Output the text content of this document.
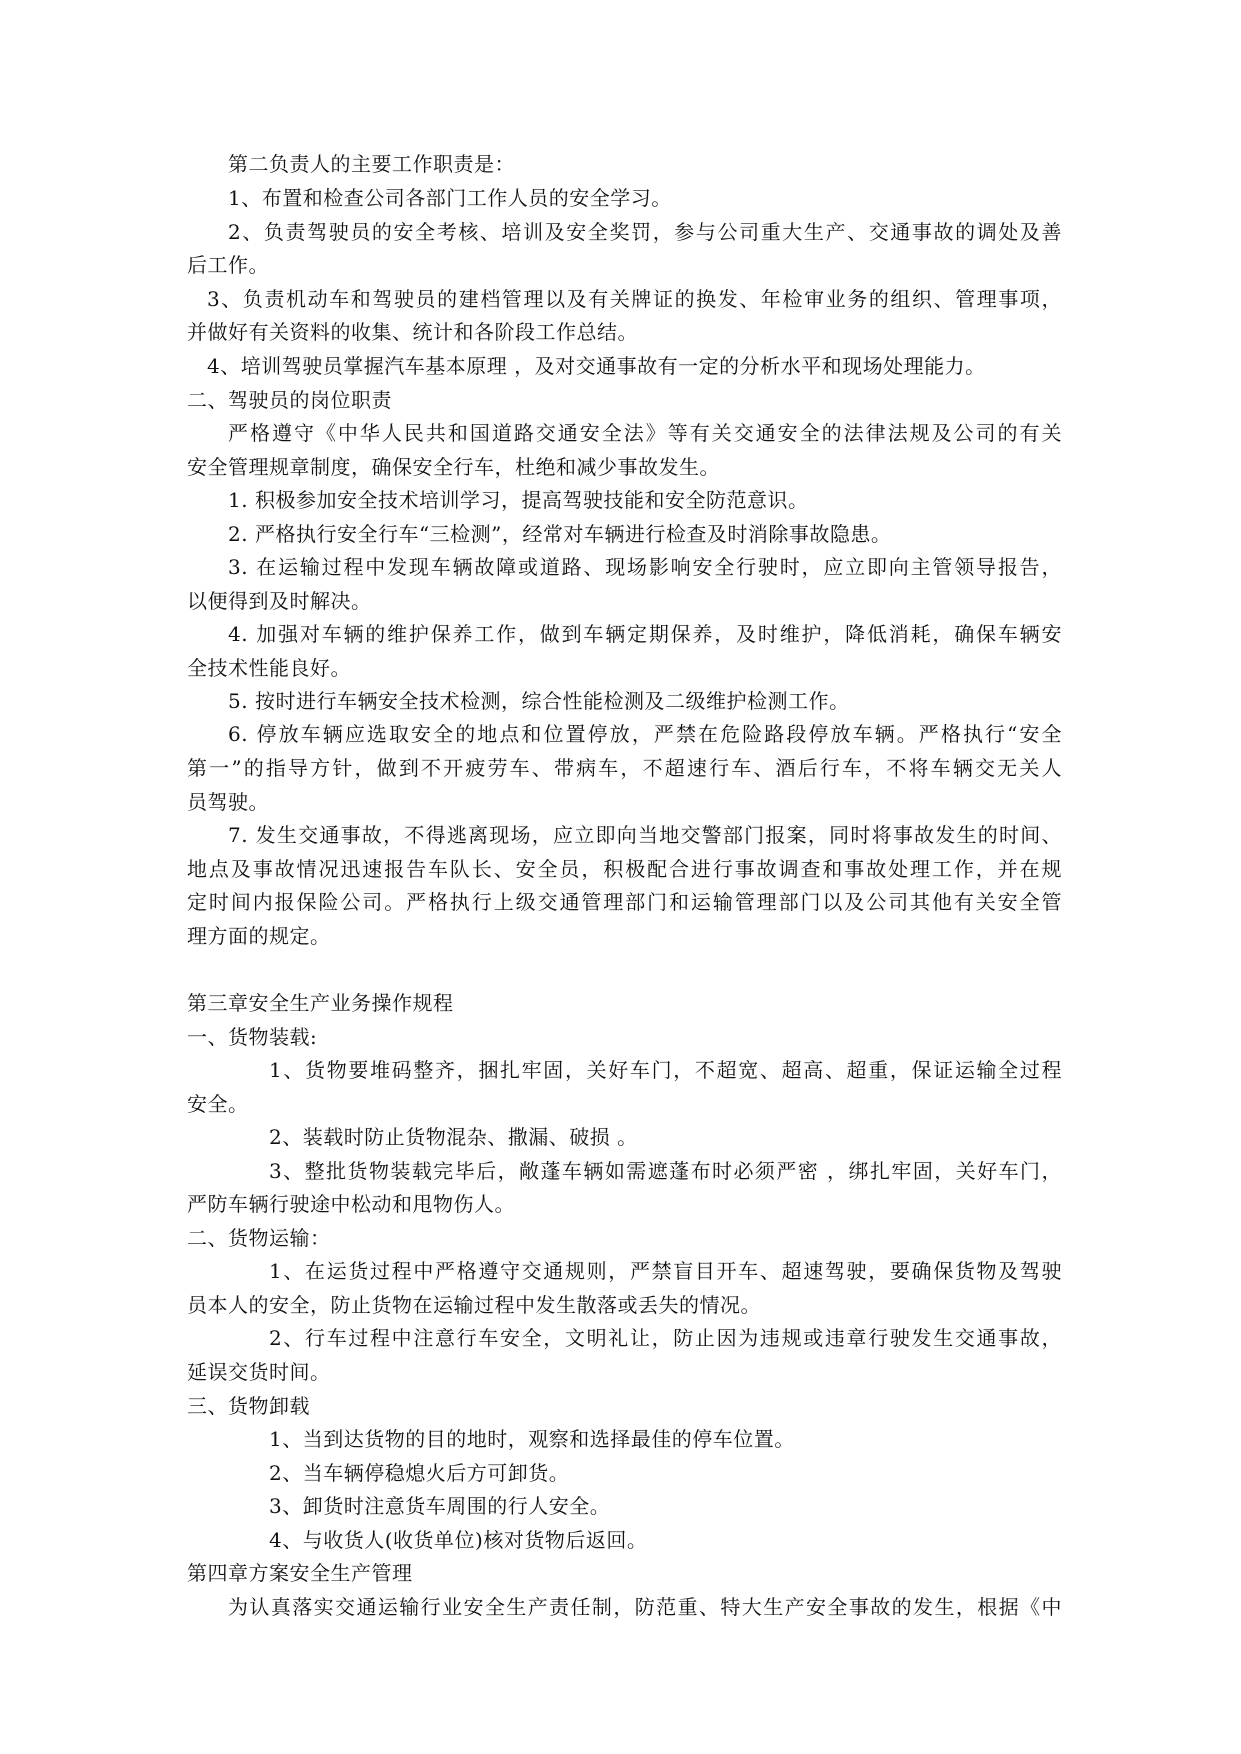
第二负责人的主要工作职责是：
1、布置和检查公司各部门工作人员的安全学习。
2、负责驾驶员的安全考核、培训及安全奖罚，参与公司重大生产、交通事故的调处及善
后工作。
3、负责机动车和驾驶员的建档管理以及有关牌证的换发、年检审业务的组织、管理事项，
并做好有关资料的收集、统计和各阶段工作总结。
4、培训驾驶员掌握汽车基本原理 ，及对交通事故有一定的分析水平和现场处理能力。
二、驾驶员的岗位职责
严格遵守《中华人民共和国道路交通安全法》等有关交通安全的法律法规及公司的有关
安全管理规章制度，确保安全行车，杜绝和减少事故发生。
1. 积极参加安全技术培训学习，提高驾驶技能和安全防范意识。
2. 严格执行安全行车“三检测”，经常对车辆进行检查及时消除事故隐患。
3. 在运输过程中发现车辆故障或道路、现场影响安全行驶时，应立即向主管领导报告，
以便得到及时解决。
4. 加强对车辆的维护保养工作，做到车辆定期保养，及时维护，降低消耗，确保车辆安
全技术性能良好。
5. 按时进行车辆安全技术检测，综合性能检测及二级维护检测工作。
6. 停放车辆应选取安全的地点和位置停放，严禁在危险路段停放车辆。严格执行“安全
第一”的指导方针，做到不开疲劳车、带病车，不超速行车、酒后行车，不将车辆交无关人
员驾驶。
7. 发生交通事故，不得逃离现场，应立即向当地交警部门报案，同时将事故发生的时间、
地点及事故情况迅速报告车队长、安全员，积极配合进行事故调查和事故处理工作，并在规
定时间内报保险公司。严格执行上级交通管理部门和运输管理部门以及公司其他有关安全管
理方面的规定。
第三章安全生产业务操作规程
一、货物装载:
1、货物要堆码整齐，捆扎牢固，关好车门，不超宽、超高、超重，保证运输全过程
安全。
2、装载时防止货物混杂、撒漏、破损 。
3、整批货物装载完毕后，敞蓬车辆如需遮蓬布时必须严密 ，绑扎牢固，关好车门，
严防车辆行驶途中松动和甩物伤人。
二、货物运输：
1、在运货过程中严格遵守交通规则，严禁盲目开车、超速驾驶，要确保货物及驾驶
员本人的安全，防止货物在运输过程中发生散落或丢失的情况。
2、行车过程中注意行车安全，文明礼让，防止因为违规或违章行驶发生交通事故，
延误交货时间。
三、货物卸载
1、当到达货物的目的地时，观察和选择最佳的停车位置。
2、当车辆停稳熄火后方可卸货。
3、卸货时注意货车周围的行人安全。
4、与收货人(收货单位)核对货物后返回。
第四章方案安全生产管理
为认真落实交通运输行业安全生产责任制，防范重、特大生产安全事故的发生，根据《中
